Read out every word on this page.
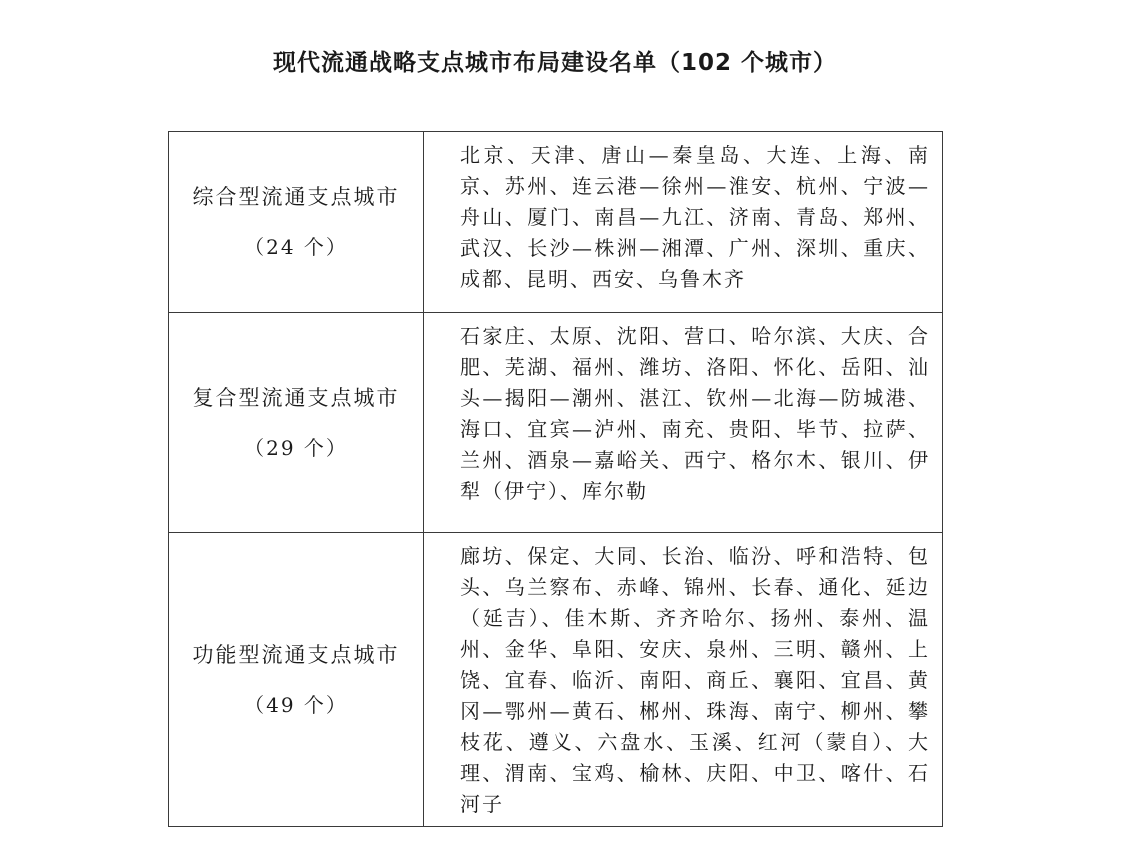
现代流通战略支点城市布局建设名单（102 个城市）
综合型流通支点城市
（24 个）	北京、天津、唐山—秦皇岛、大连、上海、南京、苏州、连云港—徐州—淮安、杭州、宁波—舟山、厦门、南昌—九江、济南、青岛、郑州、武汉、长沙—株洲—湘潭、广州、深圳、重庆、成都、昆明、西安、乌鲁木齐

复合型流通支点城市
（29 个）	石家庄、太原、沈阳、营口、哈尔滨、大庆、合肥、芜湖、福州、潍坊、洛阳、怀化、岳阳、汕头—揭阳—潮州、湛江、钦州—北海—防城港、海口、宜宾—泸州、南充、贵阳、毕节、拉萨、兰州、酒泉—嘉峪关、西宁、格尔木、银川、伊犁（伊宁）、库尔勒

功能型流通支点城市
（49 个）	廊坊、保定、大同、长治、临汾、呼和浩特、包头、乌兰察布、赤峰、锦州、长春、通化、延边（延吉）、佳木斯、齐齐哈尔、扬州、泰州、温州、金华、阜阳、安庆、泉州、三明、赣州、上饶、宜春、临沂、南阳、商丘、襄阳、宜昌、黄冈—鄂州—黄石、郴州、珠海、南宁、柳州、攀枝花、遵义、六盘水、玉溪、红河（蒙自）、大理、渭南、宝鸡、榆林、庆阳、中卫、喀什、石河子
